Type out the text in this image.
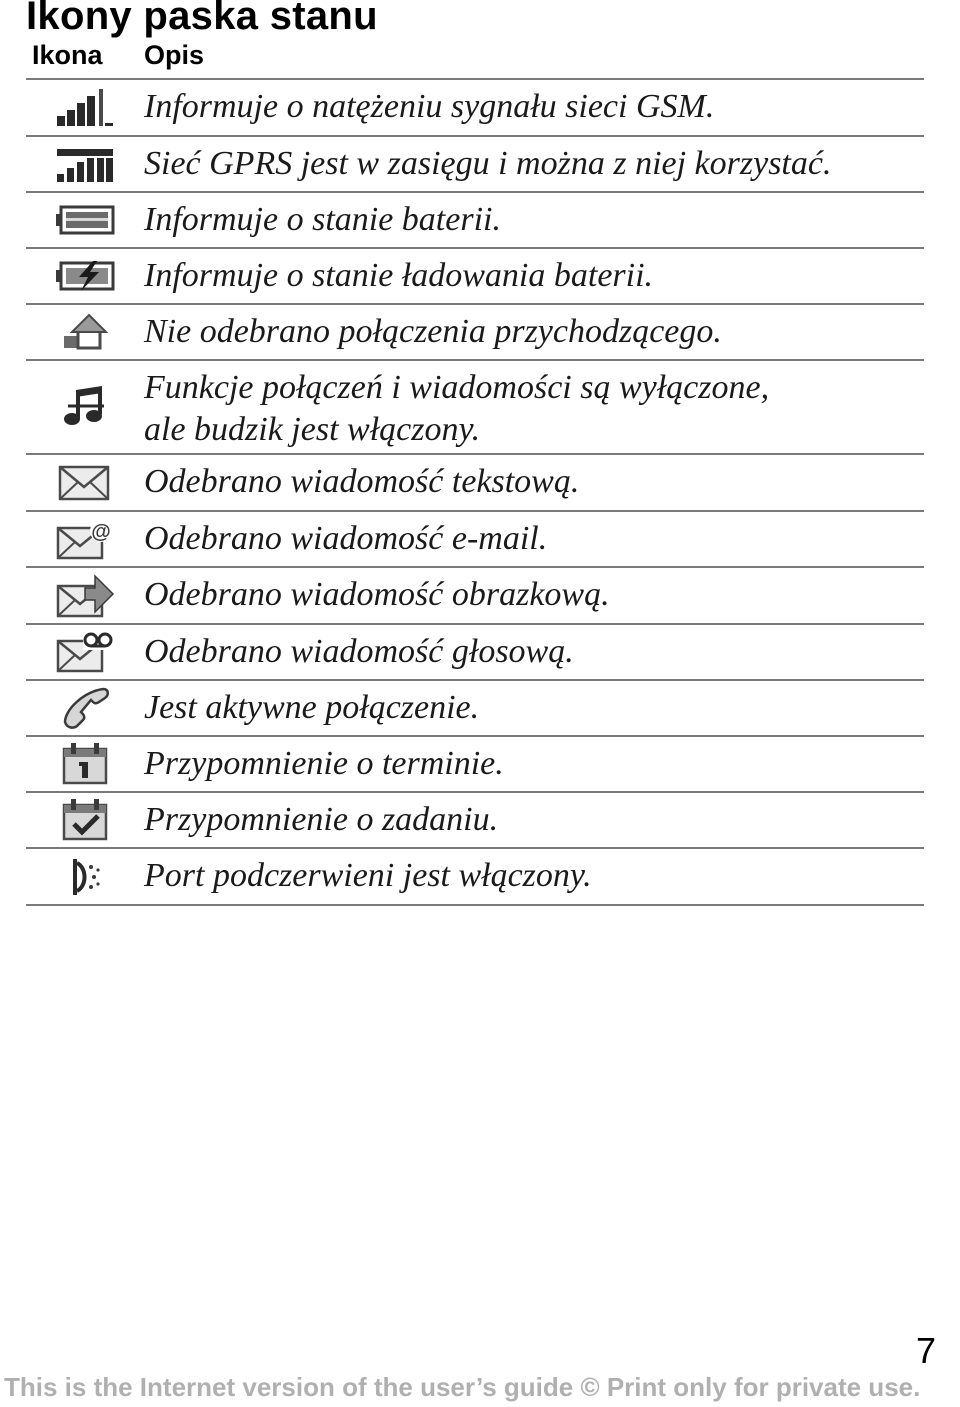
Ikony paska stanu
Ikona Opis
Informuje o natężeniu sygnału sieci GSM.
Sieć GPRS jest w zasięgu i można z niej korzystać.
Informuje o stanie baterii.
Informuje o stanie ładowania baterii.
Nie odebrano połączenia przychodzącego.
Funkcje połączeń i wiadomości są wyłączone,
ale budzik jest włączony.
Odebrano wiadomość tekstową.
@ Odebrano wiadomość e-mail.
Odebrano wiadomość obrazkową.
Odebrano wiadomość głosową.
Jest aktywne połączenie.
Przypomnienie o terminie.
Przypomnienie o zadaniu.
Port podczerwieni jest włączony.
7
This is the Internet version of the user’s guide © Print only for private use.
